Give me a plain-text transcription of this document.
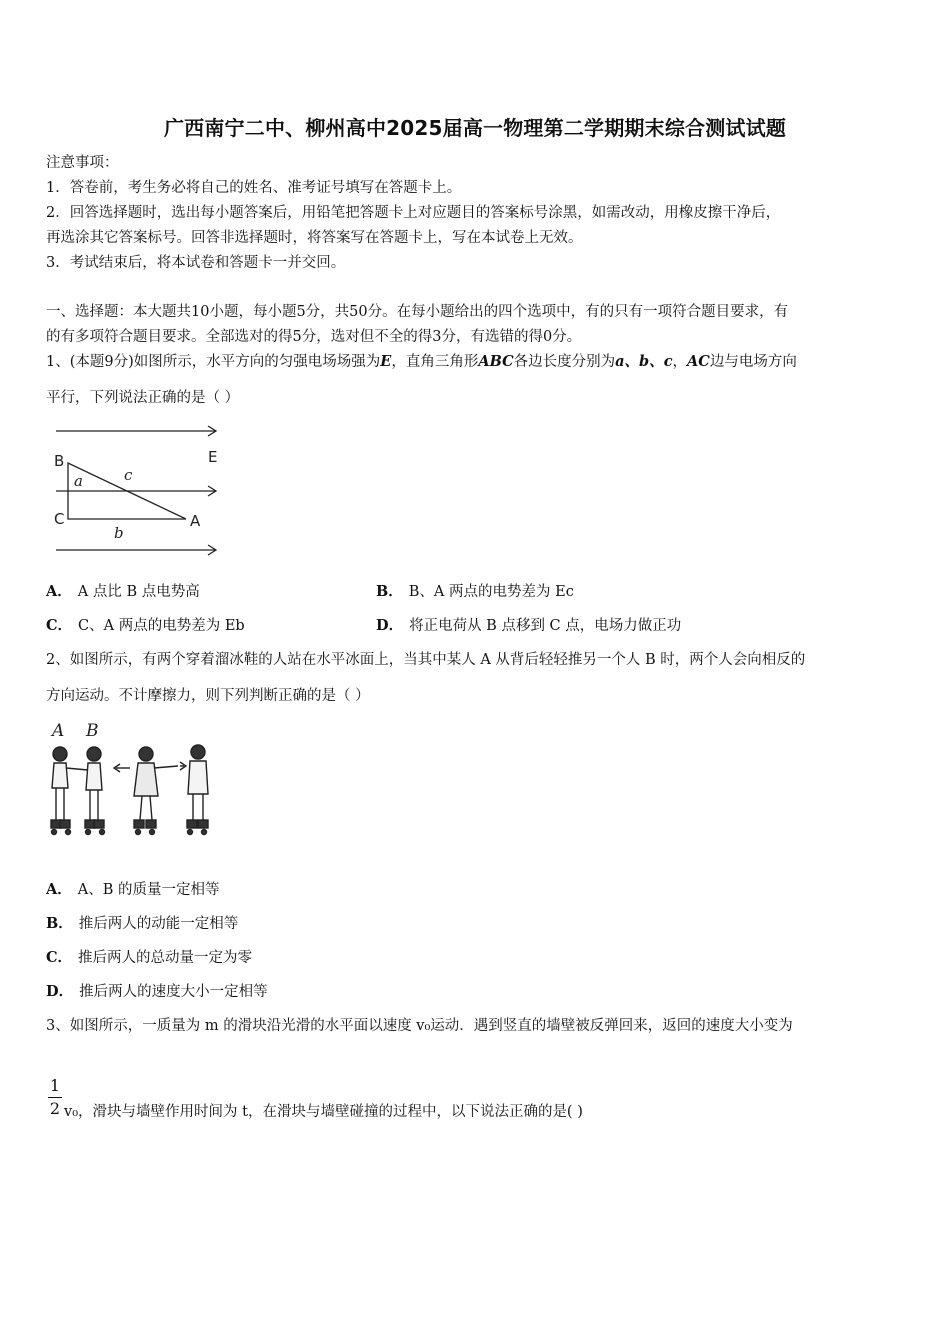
广西南宁二中、柳州高中2025届高一物理第二学期期末综合测试试题
注意事项：
1．答卷前，考生务必将自己的姓名、准考证号填写在答题卡上。
2．回答选择题时，选出每小题答案后，用铅笔把答题卡上对应题目的答案标号涂黑，如需改动，用橡皮擦干净后，
再选涂其它答案标号。回答非选择题时，将答案写在答题卡上，写在本试卷上无效。
3．考试结束后，将本试卷和答题卡一并交回。
一、选择题：本大题共10小题，每小题5分，共50分。在每小题给出的四个选项中，有的只有一项符合题目要求，有
的有多项符合题目要求。全部选对的得5分，选对但不全的得3分，有选错的得0分。
1、(本题9分)如图所示，水平方向的匀强电场场强为E，直角三角形ABC各边长度分别为a、b、c，AC边与电场方向
平行，下列说法正确的是（ ）
B	E
C	A
a	c
b
A． A 点比 B 点电势高	B． B、A 两点的电势差为 Ec
C． C、A 两点的电势差为 Eb	D． 将正电荷从 B 点移到 C 点，电场力做正功
2、如图所示，有两个穿着溜冰鞋的人站在水平冰面上，当其中某人 A 从背后轻轻推另一个人 B 时，两个人会向相反的
方向运动。不计摩擦力，则下列判断正确的是（ ）
A B
A． A、B 的质量一定相等
B． 推后两人的动能一定相等
C． 推后两人的总动量一定为零
D． 推后两人的速度大小一定相等
3、如图所示，一质量为 m 的滑块沿光滑的水平面以速度 v₀运动．遇到竖直的墙壁被反弹回来，返回的速度大小变为
1
2 v₀，滑块与墙壁作用时间为 t，在滑块与墙壁碰撞的过程中，以下说法正确的是( )
